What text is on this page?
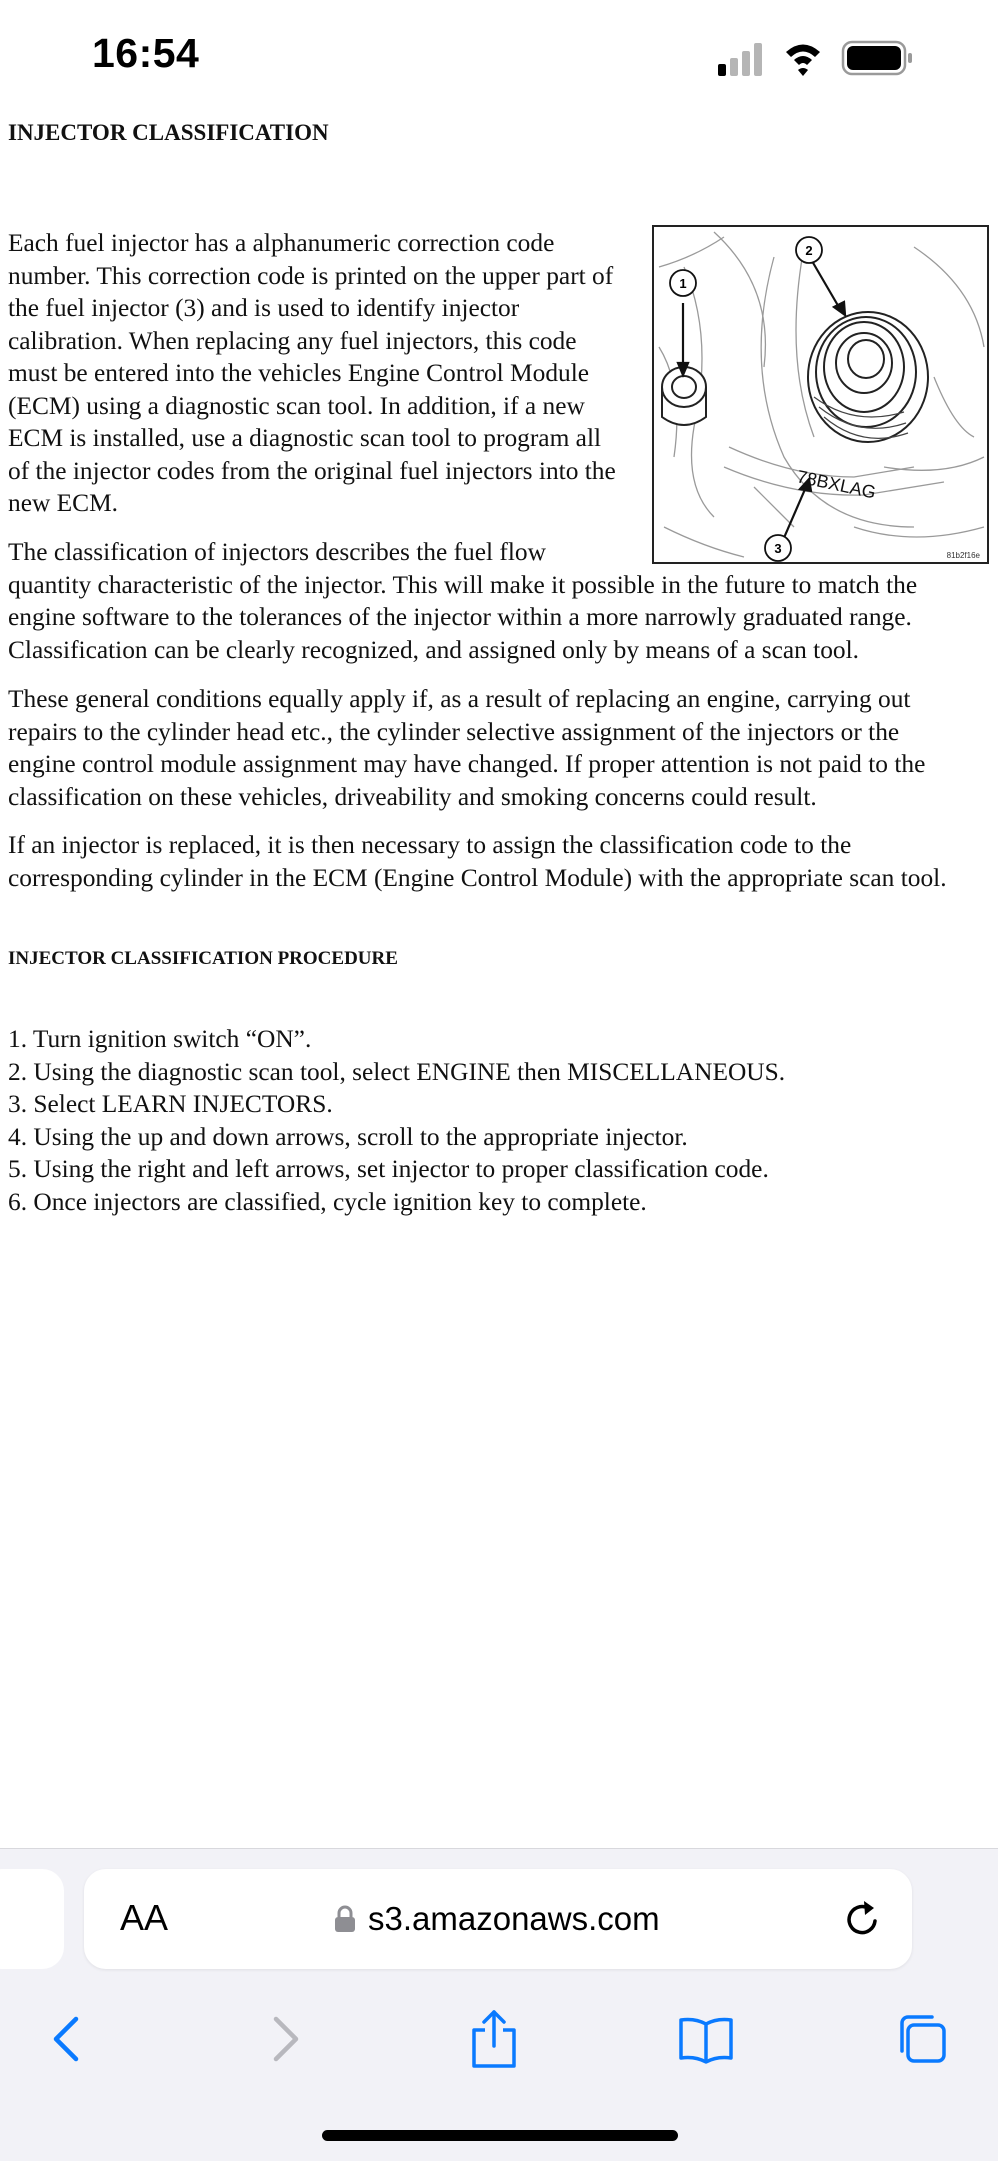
16:54
INJECTOR CLASSIFICATION
1
2
3
78BXLAG
81b2f16e
Each fuel injector has a alphanumeric correction code
number. This correction code is printed on the upper part of
the fuel injector (3) and is used to identify injector
calibration. When replacing any fuel injectors, this code
must be entered into the vehicles Engine Control Module
(ECM) using a diagnostic scan tool. In addition, if a new
ECM is installed, use a diagnostic scan tool to program all
of the injector codes from the original fuel injectors into the
new ECM.
The classification of injectors describes the fuel flow
quantity characteristic of the injector. This will make it possible in the future to match the
engine software to the tolerances of the injector within a more narrowly graduated range.
Classification can be clearly recognized, and assigned only by means of a scan tool.
These general conditions equally apply if, as a result of replacing an engine, carrying out
repairs to the cylinder head etc., the cylinder selective assignment of the injectors or the
engine control module assignment may have changed. If proper attention is not paid to the
classification on these vehicles, driveability and smoking concerns could result.
If an injector is replaced, it is then necessary to assign the classification code to the
corresponding cylinder in the ECM (Engine Control Module) with the appropriate scan tool.
INJECTOR CLASSIFICATION PROCEDURE
1. Turn ignition switch “ON”.
2. Using the diagnostic scan tool, select ENGINE then MISCELLANEOUS.
3. Select LEARN INJECTORS.
4. Using the up and down arrows, scroll to the appropriate injector.
5. Using the right and left arrows, set injector to proper classification code.
6. Once injectors are classified, cycle ignition key to complete.
AA	s3.amazonaws.com
